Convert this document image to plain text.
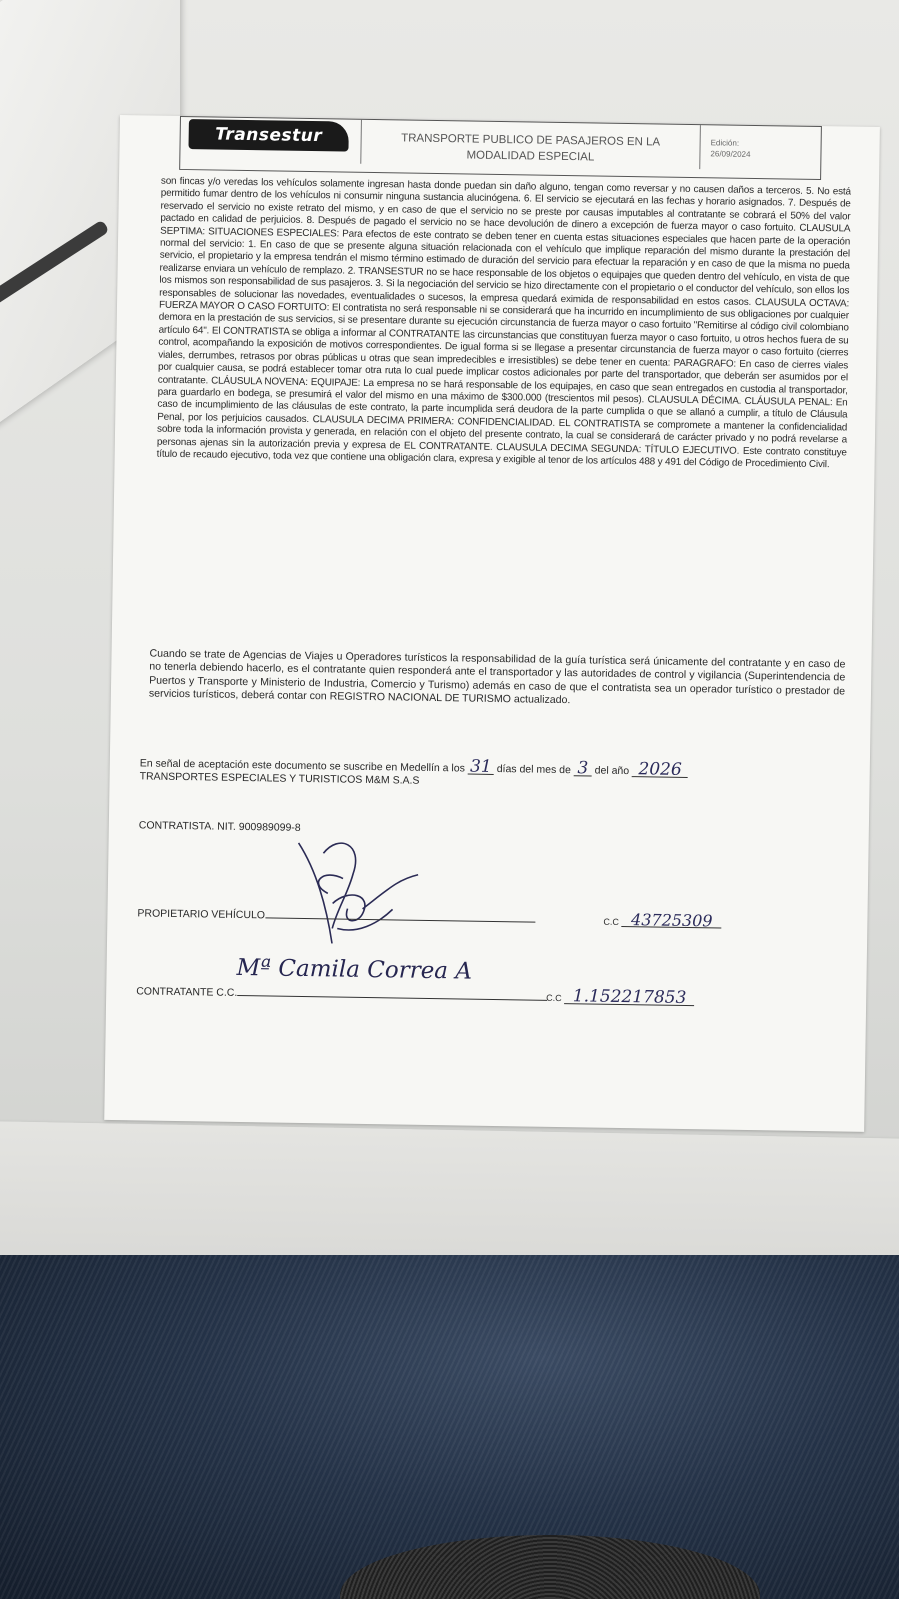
Transestur	TRANSPORTE PUBLICO DE PASAJEROS EN LA
MODALIDAD ESPECIAL
Edición:
26/09/2024

son fincas y/o veredas los vehículos solamente ingresan hasta donde puedan sin daño alguno, tengan como reversar y no causen daños a terceros. 5. No está permitido fumar dentro de los vehículos ni consumir ninguna sustancia alucinógena. 6. El servicio se ejecutará en las fechas y horario asignados. 7. Después de reservado el servicio no existe retrato del mismo, y en caso de que el servicio no se preste por causas imputables al contratante se cobrará el 50% del valor pactado en calidad de perjuicios. 8. Después de pagado el servicio no se hace devolución de dinero a excepción de fuerza mayor o caso fortuito. CLAUSULA SEPTIMA: SITUACIONES ESPECIALES: Para efectos de este contrato se deben tener en cuenta estas situaciones especiales que hacen parte de la operación normal del servicio: 1. En caso de que se presente alguna situación relacionada con el vehículo que implique reparación del mismo durante la prestación del servicio, el propietario y la empresa tendrán el mismo término estimado de duración del servicio para efectuar la reparación y en caso de que la misma no pueda realizarse enviara un vehículo de remplazo. 2. TRANSESTUR no se hace responsable de los objetos o equipajes que queden dentro del vehículo, en vista de que los mismos son responsabilidad de sus pasajeros. 3. Si la negociación del servicio se hizo directamente con el propietario o el conductor del vehículo, son ellos los responsables de solucionar las novedades, eventualidades o sucesos, la empresa quedará eximida de responsabilidad en estos casos. CLAUSULA OCTAVA: FUERZA MAYOR O CASO FORTUITO: El contratista no será responsable ni se considerará que ha incurrido en incumplimiento de sus obligaciones por cualquier demora en la prestación de sus servicios, si se presentare durante su ejecución circunstancia de fuerza mayor o caso fortuito "Remitirse al código civil colombiano artículo 64". El CONTRATISTA se obliga a informar al CONTRATANTE las circunstancias que constituyan fuerza mayor o caso fortuito, u otros hechos fuera de su control, acompañando la exposición de motivos correspondientes. De igual forma si se llegase a presentar circunstancia de fuerza mayor o caso fortuito (cierres viales, derrumbes, retrasos por obras públicas u otras que sean impredecibles e irresistibles) se debe tener en cuenta: PARAGRAFO: En caso de cierres viales por cualquier causa, se podrá establecer tomar otra ruta lo cual puede implicar costos adicionales por parte del transportador, que deberán ser asumidos por el contratante. CLÁUSULA NOVENA: EQUIPAJE: La empresa no se hará responsable de los equipajes, en caso que sean entregados en custodia al transportador, para guardarlo en bodega, se presumirá el valor del mismo en una máximo de $300.000 (trescientos mil pesos). CLAUSULA DÉCIMA. CLÁUSULA PENAL: En caso de incumplimiento de las cláusulas de este contrato, la parte incumplida será deudora de la parte cumplida o que se allanó a cumplir, a título de Cláusula Penal, por los perjuicios causados. CLAUSULA DECIMA PRIMERA: CONFIDENCIALIDAD. EL CONTRATISTA se compromete a mantener la confidencialidad sobre toda la información provista y generada, en relación con el objeto del presente contrato, la cual se considerará de carácter privado y no podrá revelarse a personas ajenas sin la autorización previa y expresa de EL CONTRATANTE. CLAUSULA DECIMA SEGUNDA: TÍTULO EJECUTIVO. Este contrato constituye título de recaudo ejecutivo, toda vez que contiene una obligación clara, expresa y exigible al tenor de los artículos 488 y 491 del Código de Procedimiento Civil.

Cuando se trate de Agencias de Viajes u Operadores turísticos la responsabilidad de la guía turística será únicamente del contratante y en caso de no tenerla debiendo hacerlo, es el contratante quien responderá ante el transportador y las autoridades de control y vigilancia (Superintendencia de Puertos y Transporte y Ministerio de Industria, Comercio y Turismo) además en caso de que el contratista sea un operador turístico o prestador de servicios turísticos, deberá contar con REGISTRO NACIONAL DE TURISMO actualizado.
En señal de aceptación este documento se suscribe en Medellín a los 31 días del mes de 3 del año 2026
TRANSPORTES ESPECIALES Y TURISTICOS M&M S.A.S
CONTRATISTA. NIT. 900989099-8
PROPIETARIO VEHÍCULO
C.C 43725309
Mª Camila Correa A
CONTRATANTE C.C.	C.C 1.152217853
